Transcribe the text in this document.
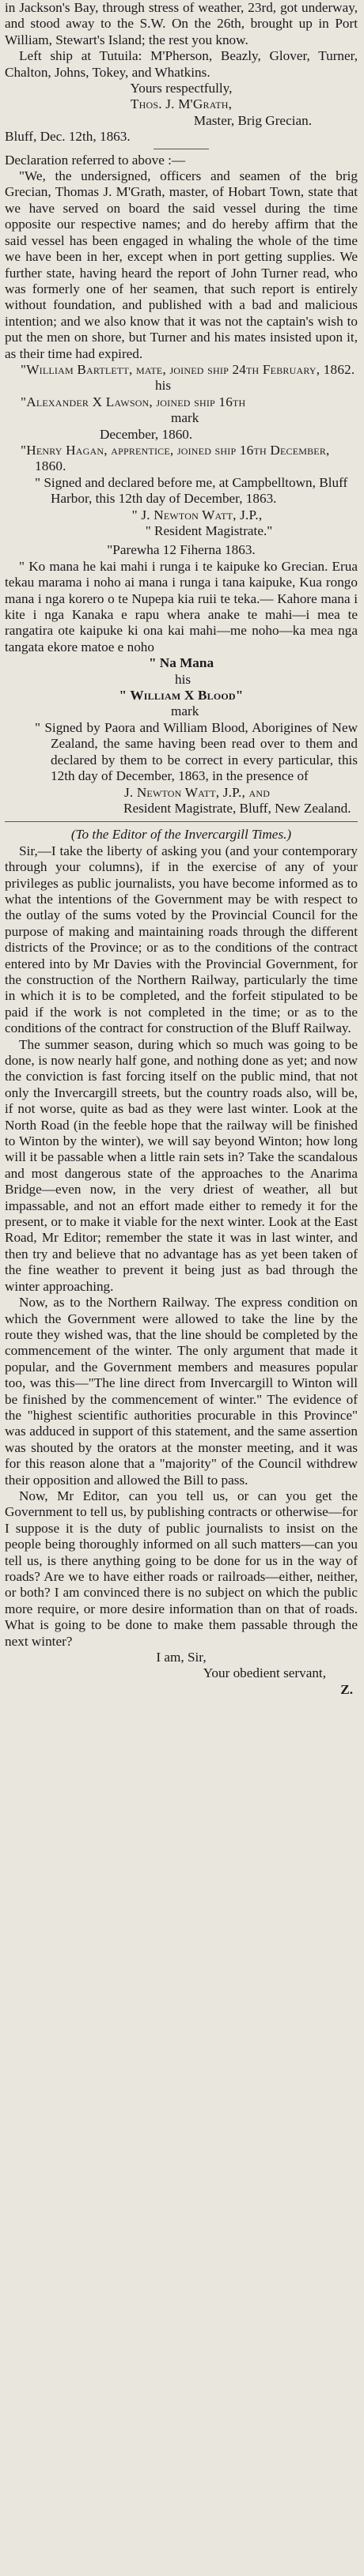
in Jackson's Bay, through stress of weather, 23rd, got underway, and stood away to the S.W. On the 26th, brought up in Port William, Stewart's Island; the rest you know.

Left ship at Tutuila: M'Pherson, Beazly, Glover, Turner, Chalton, Johns, Tokey, and Whatkins.

Yours respectfully,

Thos. J. M'Grath,

Master, Brig Grecian.

Bluff, Dec. 12th, 1863.

Declaration referred to above :—

"We, the undersigned, officers and seamen of the brig Grecian, Thomas J. M'Grath, master, of Hobart Town, state that we have served on board the said vessel during the time opposite our respective names; and do hereby affirm that the said vessel has been engaged in whaling the whole of the time we have been in her, except when in port getting supplies. We further state, having heard the report of John Turner read, who was formerly one of her seamen, that such report is entirely without foundation, and published with a bad and malicious intention; and we also know that it was not the captain's wish to put the men on shore, but Turner and his mates insisted upon it, as their time had expired.

"William Bartlett, mate, joined ship 24th February, 1862.

his

"Alexander X Lawson, joined ship 16th

mark

December, 1860.

"Henry Hagan, apprentice, joined ship 16th December, 1860.

" Signed and declared before me, at Campbelltown, Bluff Harbor, this 12th day of December, 1863.

" J. Newton Watt, J.P.,

" Resident Magistrate."

"Parewha 12 Fiherna 1863.

" Ko mana he kai mahi i runga i te kaipuke ko Grecian. Erua tekau marama i noho ai mana i runga i tana kaipuke, Kua rongo mana i nga korero o te Nupepa kia ruii te teka.— Kahore mana i kite i nga Kanaka e rapu whera anake te mahi—i mea te rangatira ote kaipuke ki ona kai mahi—me noho—ka mea nga tangata ekore matoe e noho

" Na Mana

his

" William X Blood"

mark

" Signed by Paora and William Blood, Aborigines of New Zealand, the same having been read over to them and declared by them to be correct in every particular, this 12th day of December, 1863, in the presence of

J. Newton Watt, J.P., and

Resident Magistrate, Bluff, New Zealand.

(To the Editor of the Invercargill Times.)

Sir,—I take the liberty of asking you (and your contemporary through your columns), if in the exercise of any of your privileges as public journalists, you have become informed as to what the intentions of the Government may be with respect to the outlay of the sums voted by the Provincial Council for the purpose of making and maintaining roads through the different districts of the Province; or as to the conditions of the contract entered into by Mr Davies with the Provincial Government, for the construction of the Northern Railway, particularly the time in which it is to be completed, and the forfeit stipulated to be paid if the work is not completed in the time; or as to the conditions of the contract for construction of the Bluff Railway.

The summer season, during which so much was going to be done, is now nearly half gone, and nothing done as yet; and now the conviction is fast forcing itself on the public mind, that not only the Invercargill streets, but the country roads also, will be, if not worse, quite as bad as they were last winter. Look at the North Road (in the feeble hope that the railway will be finished to Winton by the winter), we will say beyond Winton; how long will it be passable when a little rain sets in? Take the scandalous and most dangerous state of the approaches to the Anarima Bridge—even now, in the very driest of weather, all but impassable, and not an effort made either to remedy it for the present, or to make it viable for the next winter. Look at the East Road, Mr Editor; remember the state it was in last winter, and then try and believe that no advantage has as yet been taken of the fine weather to prevent it being just as bad through the winter approaching.

Now, as to the Northern Railway. The express condition on which the Government were allowed to take the line by the route they wished was, that the line should be completed by the commencement of the winter. The only argument that made it popular, and the Government members and measures popular too, was this—"The line direct from Invercargill to Winton will be finished by the commencement of winter." The evidence of the "highest scientific authorities procurable in this Province" was adduced in support of this statement, and the same assertion was shouted by the orators at the monster meeting, and it was for this reason alone that a "majority" of the Council withdrew their opposition and allowed the Bill to pass.

Now, Mr Editor, can you tell us, or can you get the Government to tell us, by publishing contracts or otherwise—for I suppose it is the duty of public journalists to insist on the people being thoroughly informed on all such matters—can you tell us, is there anything going to be done for us in the way of roads? Are we to have either roads or railroads—either, neither, or both? I am convinced there is no subject on which the public more require, or more desire information than on that of roads. What is going to be done to make them passable through the next winter?

I am, Sir,

Your obedient servant,

Z.
